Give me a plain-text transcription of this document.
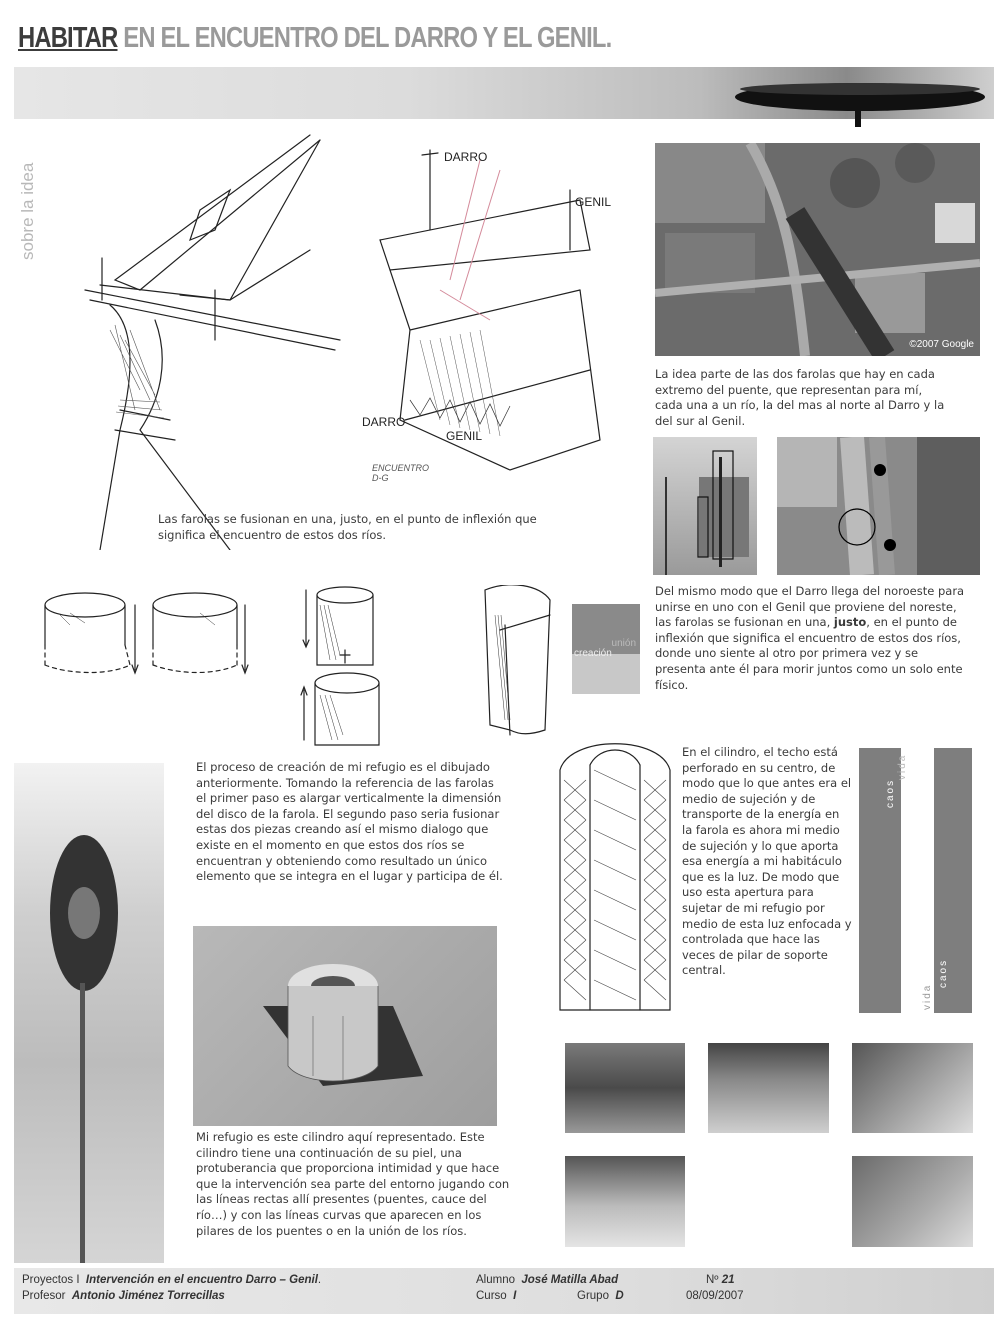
HABITAR EN EL ENCUENTRO DEL DARRO Y EL GENIL.
sobre la idea
DARRO
GENIL
DARRO
GENIL
ENCUENTRO D-G
Las farolas se fusionan en una, justo, en el punto de inflexión que significa el encuentro de estos dos ríos.
©2007 Google
La idea parte de las dos farolas que hay en cada extremo del puente, que representan para mí, cada una a un río, la del mas al norte al Darro y la del sur al Genil.
unión
creación
Del mismo modo que el Darro llega del noroeste para unirse en uno con el Genil que proviene del noreste, las farolas se fusionan en una, justo, en el punto de inflexión que significa el encuentro de estos dos ríos, donde uno siente al otro por primera vez y se presenta ante él para morir juntos como un solo ente físico.
El proceso de creación de mi refugio es el dibujado anteriormente. Tomando la referencia de las farolas el primer paso es alargar verticalmente la dimensión del disco de la farola. El segundo paso seria fusionar estas dos piezas creando así el mismo dialogo que existe en el momento en que estos dos ríos se encuentran y obteniendo como resultado un único elemento que se integra en el lugar y participa de él.
Mi refugio es este cilindro aquí representado. Este cilindro tiene una continuación de su piel, una protuberancia que proporciona intimidad y que hace que la intervención sea parte del entorno jugando con las líneas rectas allí presentes (puentes, cauce del río…) y con las líneas curvas que aparecen en los pilares de los puentes o en la unión de los ríos.
En el cilindro, el techo está perforado en su centro, de modo que lo que antes era el medio de sujeción y de transporte de la energía en la farola es ahora mi medio de sujeción y lo que aporta esa energía a mi habitáculo que es la luz. De modo que uso esta apertura para sujetar de mi refugio por medio de esta luz enfocada y controlada que hace las veces de pilar de soporte central.
caos
vida
caos
vida
Proyectos I Intervención en el encuentro Darro – Genil.
Profesor Antonio Jiménez Torrecillas
Alumno José Matilla Abad	Nº 21
Curso I	Grupo D	08/09/2007
